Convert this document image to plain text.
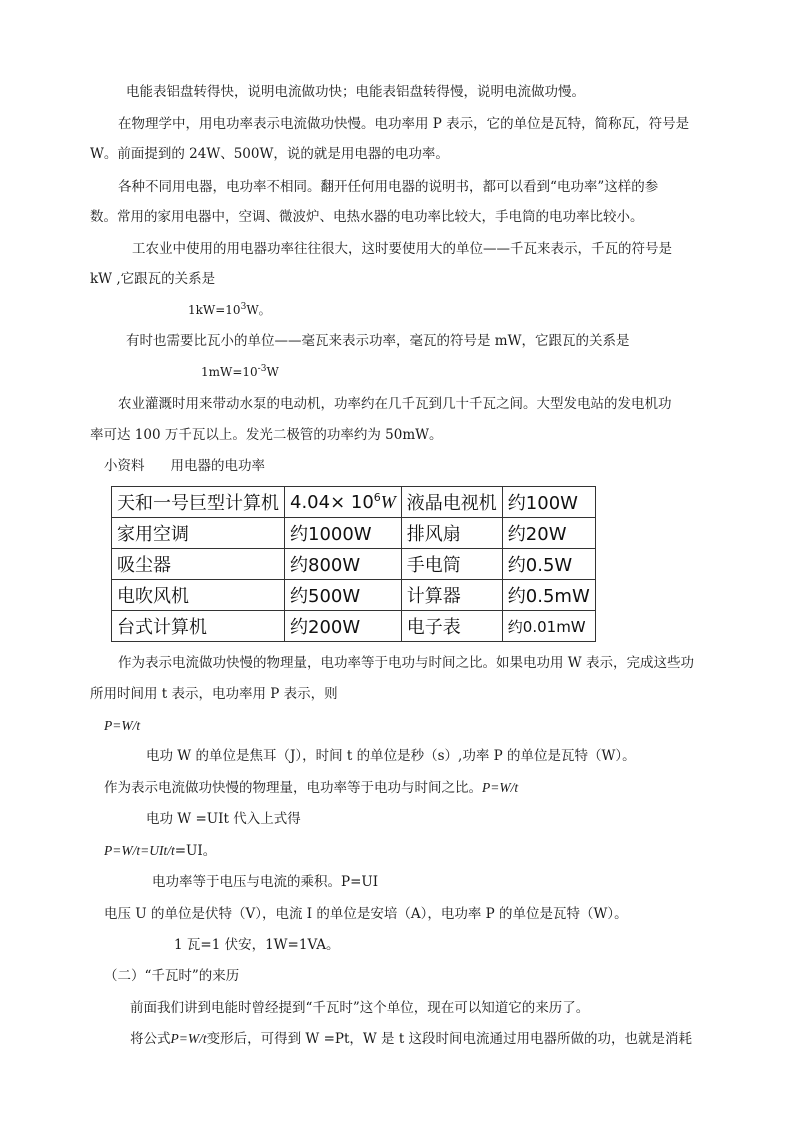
电能表铝盘转得快，说明电流做功快；电能表铝盘转得慢，说明电流做功慢。
在物理学中，用电功率表示电流做功快慢。电功率用 P 表示，它的单位是瓦特，简称瓦，符号是
W。前面提到的 24W、500W，说的就是用电器的电功率。
各种不同用电器，电功率不相同。翻开任何用电器的说明书，都可以看到“电功率”这样的参
数。常用的家用电器中，空调、微波炉、电热水器的电功率比较大，手电筒的电功率比较小。
工农业中使用的用电器功率往往很大，这时要使用大的单位——千瓦来表示，千瓦的符号是
kW ,它跟瓦的关系是
$1kW=10^3W$。
有时也需要比瓦小的单位——毫瓦来表示功率，毫瓦的符号是 mW，它跟瓦的关系是
$1mW=10^{-3}W$
农业灌溉时用来带动水泵的电动机，功率约在几千瓦到几十千瓦之间。大型发电站的发电机功
率可达 100 万千瓦以上。发光二极管的功率约为 50mW。
小资料 用电器的电功率
天和一号巨型计算机	$4.04\times 10^6W$	液晶电视机	约100W
家用空调	约1000W	排风扇	约20W
吸尘器	约800W	手电筒	约0.5W
电吹风机	约500W	计算器	约0.5mW
台式计算机	约200W	电子表	约0.01mW
作为表示电流做功快慢的物理量，电功率等于电功与时间之比。如果电功用 W 表示，完成这些功
所用时间用 t 表示，电功率用 P 表示，则
P=W/t
电功 W 的单位是焦耳（J），时间 t 的单位是秒（s）,功率 P 的单位是瓦特（W）。
作为表示电流做功快慢的物理量，电功率等于电功与时间之比。P=W/t
电功 W =UIt 代入上式得
P=W/t=UIt/t=UI。
电功率等于电压与电流的乘积。P=UI
电压 U 的单位是伏特（V），电流 I 的单位是安培（A），电功率 P 的单位是瓦特（W）。
1 瓦=1 伏安，1W=1VA。
（二）“千瓦时”的来历
前面我们讲到电能时曾经提到“千瓦时”这个单位，现在可以知道它的来历了。
将公式P=W/t变形后，可得到 W =Pt，W 是 t 这段时间电流通过用电器所做的功，也就是消耗
